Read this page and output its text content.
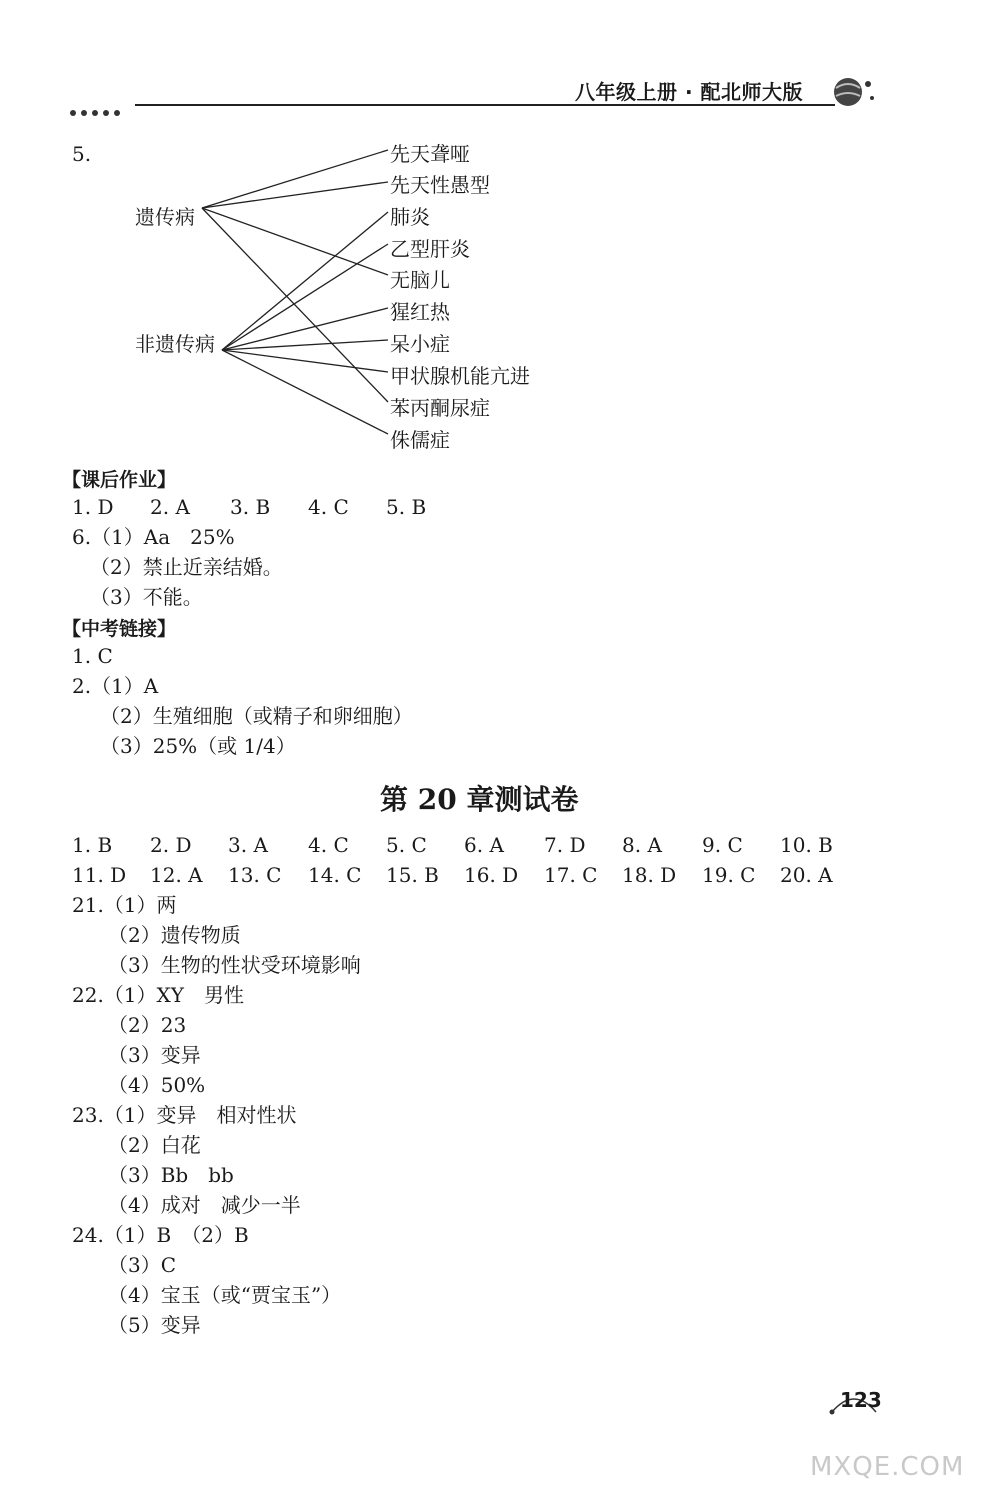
八年级上册 · 配北师大版
5.
遗传病
非遗传病
先天聋哑
先天性愚型
肺炎
乙型肝炎
无脑儿
猩红热
呆小症
甲状腺机能亢进
苯丙酮尿症
侏儒症
【课后作业】
1. D 2. A 3. B 4. C 5. B
6.（1）Aa　25%
（2）禁止近亲结婚。
（3）不能。
【中考链接】
1. C
2.（1）A
（2）生殖细胞（或精子和卵细胞）
（3）25%（或 1/4）
第 20 章测试卷
1. B 2. D 3. A 4. C 5. C 6. A 7. D 8. A 9. C 10. B
11. D 12. A 13. C 14. C 15. B 16. D 17. C 18. D 19. C 20. A
21.（1）两
（2）遗传物质
（3）生物的性状受环境影响
22.（1）XY　男性
（2）23
（3）变异
（4）50%
23.（1）变异　相对性状
（2）白花
（3）Bb　bb
（4）成对　减少一半
24.（1）B　（2）B
（3）C
（4）宝玉（或“贾宝玉”）
（5）变异
123
MXQE.COM
